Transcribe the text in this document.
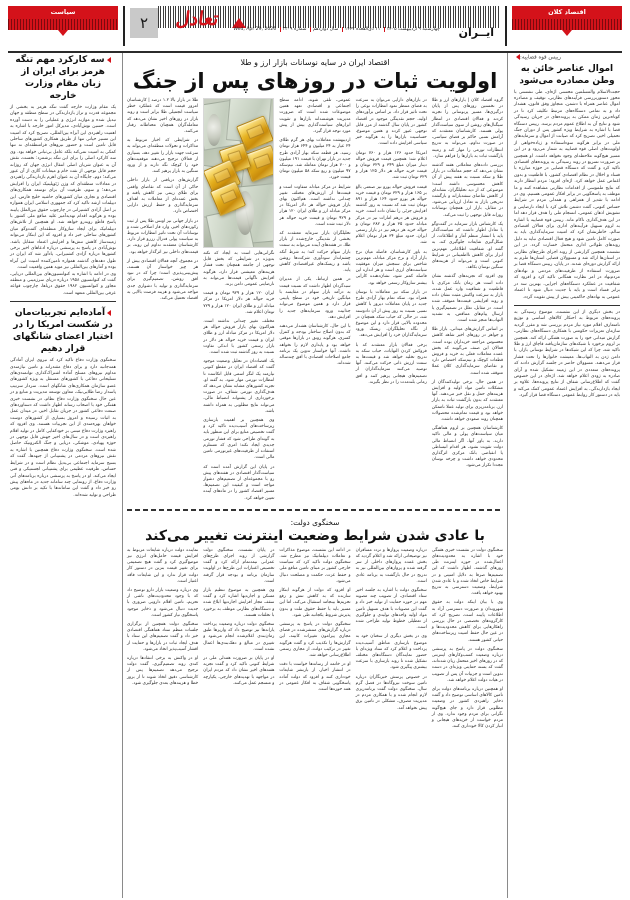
اقتصاد کلان
تعادل
ایــران
چهارشنبه ۹ اردیبهشت ۱۴۰۵ ۱۱ ذی‌القعده ۱۴۴۷ سال دوازدهم شماره ۳۲۰۹ Wed, Apr 29, 2026
۲
سیاست
رییس قوه قضاییه:
اموال عناصر خائن به وطن مصادره می‌شود
حجت‌الاسلام والمسلمین محسنی اژه‌ای، طی نشستی با محور دستور‌بررسی فرآیندهای نظارتی، توقیف و مصادره اموال عناصر همراه با دشمن، متجاوز وفق قانون، هشدار داد و به تمامی دستگاه‌های مرتبط تکلیف کرد تا در کوتاه‌ترین زمان ممکن به پرونده‌های در جریان رسیدگی شود و نتایج آن به اطلاع عموم مردم برسد. رییس دستگاه قضا با اشاره به شرایط ویژه کشور پس از دوران جنگ تحمیلی اخیر، تصریح کرد که صیانت از اموال و سرمایه‌های ملی در برابر هرگونه سوءاستفاده و زیاده‌خواهی از اولویت‌های اصلی قوه قضاییه به شمار می‌رود و در این مسیر هیچ‌گونه ملاحظه‌ای وجود نخواهد داشت. او همچنین بر ضرورت تسریع در روند رسیدگی به پرونده‌های اقتصادی تاکید کرد و گفت که دستگاه قضایی در حوزه مبارزه با فساد و اخلال در نظام اقتصادی کشور، با قاطعیت و بدون اغماض عمل خواهد کرد. اژه‌ای افزود: مردم انتظار دارند که نتایج ملموسی از اقدامات نظارتی مشاهده کنند و ما موظف به پاسخگویی در برابر افکار عمومی هستیم. وی در ادامه با تقدیر از همراهی و همدلی مردم در شرایط حساس کنونی، گفت دشمن تلاش کرد با ایجاد نارضایتی و تشویش اذهان عمومی، انسجام ملی را هدف قرار دهد اما در این هدف‌گذاری ناکام ماند. رییس قوه قضاییه با اشاره به لزوم تسهیل فرآیندهای اداری برای فعالان اقتصادی سالم، خاطرنشان کرد که امنیت سرمایه‌گذاری باید به صورت کامل تامین شود و هیچ فعال اقتصادی نباید به دلیل روندهای طولانی اداری متحمل خسارت گردد. در این نشست همچنین گزارشی از روند اجرای طرح‌های نظارتی در استان‌ها ارائه شد و مسوولان قضایی استان‌ها ملزم به ارائه گزارش دوره‌ای شدند. در پایان، رییس دستگاه قضا بر ضرورت استفاده از ظرفیت‌های مردمی و نهادهای مردم‌نهاد در امر نظارت همگانی تاکید کرد و افزود که شفافیت در عملکرد دستگاه‌های اجرایی، بهترین سد در برابر فساد است و باید با جدیت دنبال شود تا اعتماد عمومی به نهادهای حاکمیتی بیش از پیش تقویت گردد.
در بخش دیگری از این نشست، موضوع رسیدگی به پرونده‌های مربوط به احتکار کالاهای اساسی و توزیع نامتعارف اقلام مورد نیاز مردم بررسی شد و مقرر گردید سازمان تعزیرات حکومتی با همکاری دستگاه‌های نظارتی، گزارش میدانی خود را به صورت هفتگی ارائه کند. همچنین بر لزوم برخورد با شبکه‌های سازمان‌یافته قاچاق ارز و طلا تاکید شد، چرا که این شبکه‌ها در شرایط نوسانی بازار، با دامن زدن به التهاب‌ها، معیشت خانوارها را تحت فشار قرار می‌دهند. مسوولان حاضر در جلسه گزارش دادند که پرونده‌های متعددی در این زمینه تشکیل شده و آرای صادره به زودی اعلام خواهد شد. اژه‌ای در این خصوص گفت که اطلاع‌رسانی شفاف از نتایج پرونده‌ها، علاوه بر ایجاد بازدارندگی، به افزایش اعتماد عمومی کمک می‌کند و باید در دستور کار روابط عمومی دستگاه قضا قرار گیرد.
اقتصاد ایران در سایه نوسانات بازار ارز و طلا
اولویت ثبات در روزهای پس از جنگ

گروه اقتصاد کلان | بازارهای ارز و طلا در نخستین روزهای پس از پایان درگیری‌ها، مسیر پرنوسانی را تجربه کردند و فعالان اقتصادی در انتظار سیگنال‌های روشن از سوی سیاست‌گذار پولی هستند. کارشناسان معتقدند که آرامش نسبی حاکم بر فضای سیاسی، در صورت تداوم، می‌تواند به تدریج انتظارات تورمی را مهار کند و زمینه بازگشت ثبات به بازارها را فراهم سازد.

بررسی داده‌های معاملاتی هفته گذشته نشان می‌دهد که حجم معاملات در بازار طلا و سکه نسبت به هفته پیش از آن کاهش محسوسی داشته است؛ موضوعی که از دید تحلیلگران، نشانه‌ای از کاهش تقاضای سفته‌بازانه و بازگشت تدریجی بازار به تعادل ارزیابی می‌شود. در مقابل، بازار ارز همچنان نوسانات روزانه قابل توجهی را ثبت می‌کند.

یک کارشناس بازار سرمایه در گفت‌وگو با تعادل اظهار داشت که سیاست‌گذار باید با انتشار منظم آمار و اطلاعات، از شکل‌گیری شایعات جلوگیری کند. به گفته او، شفافیت اطلاعاتی مهم‌ترین ابزار برای کاهش نااطمینانی در شرایط کنونی است و می‌تواند از هزینه‌های سنگین نوسان بکاهد.

وی افزود که تجربه‌های گذشته نشان داده است هر زمان بانک مرکزی با قاطعیت و شفافیت وارد عمل شده، بازار به سرعت واکنش مثبت نشان داده و روند افزایشی قیمت‌ها متوقف شده است. در مقابل، تعلل در تصمیم‌گیری یا ارسال پیام‌های متناقض، به تشدید التهاب‌ها منجر شده است.

بر اساس گزارش‌های میدانی، بازار طلا و جواهر در روزهای اخیر شاهد کاهش محسوس مراجعه خریداران بوده است. فعالان این صنف می‌گویند که بخش عمده معاملات فعلی به خرید و فروش قطعات کوچک و نیم‌سکه اختصاص دارد و تقاضای سرمایه‌گذاری کلان عملا متوقف شده است.

در همین حال، برخی تولیدکنندگان از مشکلات تامین مواد اولیه و افزایش هزینه‌های حمل و نقل خبر می‌دهند. آنها معتقدند که بدون بازگشت ثبات به بازار ارز، برنامه‌ریزی برای تولید عملا ناممکن خواهد بود و قیمت تمام‌شده محصولات همچنان روند صعودی خواهد داشت.

کارشناسان همچنین بر لزوم هماهنگی میان سیاست‌های پولی و مالی تاکید دارند. به باور آنها، اگر انضباط مالی دولت تقویت نشود، هر اقدام انبساطی یا انقباضی بانک مرکزی اثرگذاری محدودی خواهد داشت و چرخه نوسان مجددا تکرار می‌شود.

در بازارهای دارایی می‌توان به سرعت به فضای منتظر نمود انتظارات نوعی را تحت تاثیر قرار داد. بر اساس برآوردهای اولیه، حجم نقدینگی موجود در اقتصاد کشور در پایان سال گذشته از مرز قابل توجهی عبور کرده و همین موضوع، حساسیت بازارها را به هرگونه خبر سیاسی افزایش داده است.

امریکا حدود ۱۲۶ هزار و ۷۶۰ تومان اعلام شد؛ همچنین قیمت فروش حواله دینار میزان مبلغ ۳۴۹ و ۳۲۹ تومان و قیمت خرید حواله هر دلار ۱۲۵ هزار و ۳۲۹ تومان ثبت شد.

قیمت فروش حواله یورو نیز صنعتی بالغ بر ۱۶۵ هزار و ۳۲۹ تومان و قیمت خرید حواله هر یورو حدود ۱۶۴ هزار و ۸۹۱ تومان ثبت شد که نسبت به روز گذشته افزایش جزئی را نشان داده است. خرید و فروش هر درهم امارات نیز در مرکز مبادله حدود ۳۵ هزار و ۳۸۲ تومان و حواله خرید هر درهم نیز در بازار رسمی ایران، حدود مبلغ ۳۴ هزار تومان اعلام شد.

به باور کارشناسان، فاصله میان نرخ بازار آزاد و نرخ مرکز مبادله، مهم‌ترین شاخص برای سنجش میزان موفقیت سیاست‌های ارزی است و هر اندازه این فاصله کمتر شود، نشان‌دهنده کارایی بیشتر سازوکار رسمی خواهد بود.

در بازار سکه نیز معاملات با نوسان همراه بود. سکه تمام بهار آزادی طرح جدید در پایان معاملات دیروز با کاهش نسبی نسبت به روز پیش از آن دادوستد شد، در حالی که حباب سکه همچنان در محدوده بالایی قرار دارد و این موضوع از نگاه تحلیلگران، ریسک ورود سرمایه‌گذاران خرد را افزایش می‌دهد.

برخی فعالان بازار معتقدند که با فروکش کردن التهابات، حباب سکه به تدریج تخلیه خواهد شد و قیمت‌ها به سمت ارزش ذاتی حرکت می‌کنند. آنها توصیه می‌کنند سرمایه‌گذاران از تصمیم‌های هیجانی پرهیز کنند و افق زمانی بلندمدت را در نظر بگیرند.

عمومی، تلقی شوند. ادامه سطح اجتماعی و اقتصادی تعهد همین موضوعات شده است که ضرورت مدیریت هوشمندانه بازارها و تقویت ابزارهای سیاست‌گذاری بیش از پیش مورد توجه قرار گیرد.

اردیبهشت معاملات بهای هر گرم طلای ۲۴ عیار به ۲۴ میلیون و ۶۴۴ هزار تومان رسید. هر قطعه سکه بهار آزادی طرح جدید در بازار تهران با قیمت ۱۹۱ میلیون و ۷۰۰ هزار تومان معامله شد. نیم‌سکه ۹۷ میلیون و ربع سکه ۵۸ میلیون تومان قیمت خورد.

شرایط در مرکز مبادله متفاوت است و قیمت‌ها از ارزش‌های مختلف تغییر چندانی نداشته است. هم‌اکنون بهای بازار فروش حواله هر دلار امریکا در مرکز مبادله ارز و طلای ایران ۱۲۰ هزار و ۹۲۹ تومان و قیمت خرید حواله هر دلار ثبت شده است.

تحلیلگران بازار سرمایه معتقدند که بخشی از نقدینگی خارج‌شده از بازار طلا، در هفته‌های آینده می‌تواند به سمت بازار سهام حرکت کند؛ به شرط آنکه چشم‌انداز سودآوری شرکت‌ها روشن باشد و ریسک‌های غیراقتصادی کاهش یابد.

در همین ارتباط، یکی از مدیران سبدگردان اظهار داشت که نسبت قیمت به درآمد بازار سهام در مقایسه با میانگین تاریخی خود در سطح پایینی قرار دارد و همین موضوع می‌تواند جذابیت ورود سرمایه‌های جدید را افزایش دهد.

با این حال، کارشناسان هشدار می‌دهند که بدون اصلاح ساختار بودجه و کنترل کسری، هرگونه رونق در بازارها موقتی خواهد بود و پایداری لازم را نخواهد داشت. آنها خواستار تدوین یک برنامه جامع اصلاحات اقتصادی با افق چندساله شده‌اند.

نگرانی‌هایی است به ایجاد که نکته به‌ویژه در شرایطی که بخش قابل توجهی از جامعه همچنان تحت فشار هزینه‌های معیشتی قرار دارد، هرگونه افزایش ناگهانی قیمت‌ها می‌تواند به نارضایتی عمومی دامن بزند.

ایران ۱۲۰ هزار و ۹۲۹ تومان و قیمت خرید حواله هر دلار امریکا در مرکز مبادله ارز و طلای ایران ۱۲۰ هزار و ۷۲۹ تومان اعلام شد.

مختلف تغییر چندانی نداشته است. هم‌اکنون بهای بازار فروش حواله هر دلار امریکا در مرکز مبادله ارز و طلای ایران و قیمت خرید حواله هر دلار در بازار رسمی کشور با اندکی تفاوت نسبت به روز گذشته ثبت شده است.

یک اقتصاددان در تحلیل وضعیت موجود گفت که اقتصاد ایران در مقطع کنونی نیازمند یک لنگر اسمی قابل اتکاست تا انتظارات تورمی مهار شود. به گفته او، تجربه کشورهای مشابه نشان می‌دهد که هدف‌گذاری تورمی شفاف، در صورت برخورداری از پشتوانه انضباط مالی، می‌تواند نتایج مطلوبی به همراه داشته باشد.

وی همچنین بر اهمیت بازسازی زیرساخت‌های آسیب‌دیده تاکید کرد و گفت تخصیص منابع برای این منظور باید به گونه‌ای طراحی شود که فشار تورمی جدیدی ایجاد نکند؛ امری که مستلزم استفاده از ظرفیت‌های غیرتورمی تامین مالی است.

در پایان این گزارش آمده است که سیاست‌گذار اقتصادی در هفته‌های پیش رو با مجموعه‌ای از تصمیم‌های دشوار مواجه است و کیفیت این تصمیم‌ها، مسیر اقتصاد کشور را در ماه‌های آینده تعیین خواهد کرد.

طلا در بازار بالا ۱.۲ درصد | کارشناسان امروز قیمت است که عملکرد خطر سیاست انجمیلی طلا برابر است و روند بازار در روزهای اخیر نشان می‌دهد که معامله‌گران همچنان محتاطانه رفتار می‌کنند.

در شرایطی که اخبار مربوط به مذاکرات و تحولات منطقه‌ای می‌تواند به سرعت جهت بازار را تغییر دهد، بسیاری از فعالان ترجیح می‌دهند موقعیت‌های خود را کوچک نگه دارند و از ورود سنگین به بازار پرهیز کنند.

گزارش‌های دریافتی از بازار داخلی حاکی از آن است که تقاضای واقعی برای طلای زینتی نیز کاهش یافته و بخش عمده‌ای از معاملات به اهداف سرمایه‌گذاری و حفظ ارزش دارایی اختصاص دارد.

در بازار جهانی نیز اونس طلا پس از ثبت رکوردهای اخیر، وارد فاز اصلاحی شده و نوسانات آن تحت تاثیر انتظارات مربوط به سیاست پولی فدرال رزرو قرار دارد. کارشناسان معتقدند تداوم این روند، بر قیمت‌های داخلی نیز اثرگذار خواهد بود.

در مجموع، آنچه فعالان اقتصادی بیش از هر چیز خواستار آن هستند، پیش‌بینی‌پذیری است؛ چرا که در نبود افق روشن، تصمیم‌گیری برای سرمایه‌گذاری و تولید با دشواری جدی مواجه می‌شود و هزینه فرصت بالایی به اقتصاد تحمیل می‌کند.

سخنگوی دولت:
با عادی شدن شرایط وضعیت اینترنت تغییر می‌کند

سخنگوی دولت در نشست خبری هفتگی خود با اشاره به محدودیت‌های اعمال‌شده در حوزه اینترنت طی روزهای گذشته، اظهار داشت که این تصمیم‌ها صرفا به دلایل امنیتی و در شرایط خاص اتخاذ شده و با عادی شدن شرایط، وضعیت دسترسی به تدریج بهبود خواهد یافت.

وی با بیان اینکه دولت به حقوق شهروندان و ضرورت دسترسی آزاد به اطلاعات پایبند است، تصریح کرد که کارگروه‌های تخصصی در حال بررسی راهکارهایی برای کاهش محدودیت‌ها و در عین حال حفظ امنیت زیرساخت‌های حیاتی کشور هستند.

سخنگوی دولت در پاسخ به پرسشی درباره وضعیت کسب‌وکارهای اینترنتی که در روزهای اخیر متحمل زیان شده‌اند، گفت که بسته حمایتی ویژه‌ای در دست تدوین است و جزییات آن پس از تصویب در هیات دولت اعلام خواهد شد.

او همچنین درباره برنامه‌های دولت برای تامین کالاهای اساسی توضیح داد و گفت ذخایر راهبردی کشور در وضعیت مطلوبی قرار دارد و جای هیچ‌گونه نگرانی برای مردم وجود ندارد. وی از مردم خواست از خریدهای هیجانی و انبار کردن کالا خودداری کنند.

درباره وضعیت پروازها و تردد مسافران نیز توضیحاتی ارائه شد و اعلام گردید که بخش عمده پروازهای داخلی از سر گرفته شده و پروازهای بین‌المللی نیز به تدریج در حال بازگشت به برنامه عادی است.

سخنگوی دولت با اشاره به جلسه اخیر ستاد اقتصادی، از تصویب چند مصوبه مهم در حوزه حمایت از تولید خبر داد و گفت این مصوبات با هدف تسهیل تامین مواد اولیه واحدهای تولیدی و جلوگیری از تعطیلی خطوط تولید طراحی شده است.

وی در بخش دیگری از سخنان خود به موضوع بازسازی مناطق آسیب‌دیده پرداخت و اعلام کرد که ستاد ویژه‌ای با حضور نمایندگان دستگاه‌های مختلف تشکیل شده تا روند بازسازی با سرعت بیشتری پیگیری شود.

در خصوص پرسش خبرنگاران درباره تامین سوخت نیروگاه‌ها در فصل گرم سال، سخنگوی دولت گفت برنامه‌ریزی لازم انجام شده و با همکاری مردم در مدیریت مصرف، مشکلی در تامین برق پیش نخواهد آمد.

در ادامه این نشست، موضوع مذاکرات و تعاملات دیپلماتیک نیز مطرح شد. سخنگوی دولت تاکید کرد که سیاست خارجی کشور بر مبنای تامین منافع ملی و حفظ عزت، حکمت و مصلحت دنبال می‌شود.

او افزود که دولت از هرگونه ابتکار سازنده که به کاهش تنش و رفع تحریم‌ها بینجامد استقبال می‌کند، اما این مسیر باید با حفظ حقوق ملت و بدون پذیرش شروط یکجانبه طی شود.

سخنگوی دولت در پاسخ به پرسشی درباره گزارش‌های منتشرشده در فضای مجازی پیرامون تغییرات کابینه، این گزارش‌ها را تکذیب کرد و گفت هرگونه تغییر در ترکیب دولت، از مجاری رسمی اطلاع‌رسانی خواهد شد.

او در خاتمه از رسانه‌ها خواست با دقت در انتشار اخبار، از بازنشر شایعات خودداری کنند و افزود که دولت آماده پاسخگویی شفاف به افکار عمومی در همه حوزه‌ها است.

در پایان نشست، سخنگوی دولت گزارشی از روند اجرای طرح‌های عمرانی نیمه‌تمام ارائه کرد و گفت تخصیص اعتبارات این طرح‌ها در اولویت سازمان برنامه و بودجه قرار گرفته است.

وی همچنین به موضوع تنظیم بازار مسکن و اجاره‌بها اشاره کرد و گفت سقف مجاز افزایش اجاره‌بها ابلاغ شده و دستگاه‌های نظارتی موظف به برخورد با تخلفات هستند.

سخنگوی دولت درباره وضعیت پرداخت یارانه‌ها نیز توضیح داد که واریز‌ها طبق زمان‌بندی اعلام‌شده انجام می‌شود و تغییری در مبالغ و دهک‌بندی‌ها اعمال نشده است.

او در پایان بر ضرورت همدلی ملی در شرایط کنونی تاکید کرد و گفت تجربه هفته‌های اخیر نشان داد که مردم ایران در مواجهه با تهدیدهای خارجی، یکپارچه و منسجم عمل می‌کنند.

نماینده دولت درباره شایعات مربوط به افزایش قیمت حامل‌های انرژی نیز موضع‌گیری کرد و گفت هیچ تصمیمی برای تغییر قیمت بنزین در دستور کار دولت قرار ندارد و این شایعات فاقد اعتبار است.

وی درباره وضعیت بازار دارو توضیح داد که با وجود محدودیت‌های ناشی از تحریم، تامین اقلام دارویی ضروری با جدیت دنبال می‌شود و ذخایر موجود پاسخگوی نیاز کشور است.

سخنگوی دولت همچنین از برگزاری جلسات منظم ستاد هماهنگی اقتصادی خبر داد و گفت تصمیم‌های این ستاد با هدف ایجاد ثبات در بازارها و حمایت از اقشار آسیب‌پذیر اتخاذ می‌شود.

او در واکنش به برخی انتقادها درباره کندی روند تصمیم‌گیری، گفت دولت ترجیح می‌دهد تصمیم‌ها پس از کارشناسی دقیق اتخاذ شوند تا از بروز خطا و هزینه‌های بعدی جلوگیری شود.

سه کارکرد مهم تنگه هرمز برای ایران از زبان مقام وزارت خارجه
یک مقام وزارت خارجه گفت تنگه هرمز به بخشی از مجموعه قدرت و تراز بازدارندگی در سطح منطقه و جهان تبدیل شده و موازنه انرژی و عملیاتی را به دست آورده است. حسین نوش‌آبادی، مدیرکل امور خارجه با اشاره به اهمیت راهبردی این آبراه بین‌المللی، تصریح کرد که امنیت این مسیر حیاتی تنها از طریق همکاری کشورهای ساحلی قابل تامین است و حضور نیروهای فرامنطقه‌ای نه تنها کمکی به امنیت نمی‌کند بلکه عامل بی‌ثباتی خواهد بود. وی سه کارکرد اصلی را برای این تنگه برشمرد: نخست، نقش آن به عنوان شریان اصلی انتقال انرژی جهان که روزانه حجم قابل توجهی از نفت خام و میعانات گازی از آن عبور می‌کند؛ دوم، جایگاه آن به عنوان اهرم بازدارندگی راهبردی در معادلات منطقه‌ای که وزن ژئوپلیتیک ایران را افزایش می‌دهد؛ و سوم، ظرفیت آن برای توسعه همکاری‌های اقتصادی و تجاری میان کشورهای حاشیه خلیج فارس. این دیپلمات ارشد تاکید کرد که جمهوری اسلامی ایران همواره بر اصل آزادی کشتیرانی در چارچوب حقوق بین‌الملل پایبند بوده و هرگونه اقدام تهدیدآمیز علیه منافع ملی کشور با پاسخ قاطع روبه‌رو خواهد شد. او همچنین از تلاش‌های دیپلماتیک برای ایجاد سازوکار منطقه‌ای گفت‌وگو میان کشورهای ساحلی خبر داد و افزود که این ابتکار می‌تواند زمینه‌ساز کاهش تنش‌ها و افزایش اعتماد متقابل باشد. نوش‌آبادی در پاسخ به پرسشی درباره ادعاهای اخیر برخی کشورها درباره آزادی کشتیرانی، یادآور شد که ایران در طول دهه‌های گذشته همواره تامین‌کننده امنیت این آبراه بوده و آمارهای بین‌المللی نیز موید همین واقعیت است.
وی در ادامه با اشاره به کنوانسیون‌های بین‌المللی دریایی، گفت که کنوانسیون ۱۹۵۸ درباره دریای سرزمینی و منطقه مجاور و کنوانسیون ۱۹۸۲ حقوق دریاها، چارچوب قواعد عرفی بین‌المللی متعهد است.
آماده‌ایم تجربیات‌مان در شکست امریکا را در اختیار اعضای شانگهای قرار دهیم
سخنگوی وزارت دفاع تاکید کرد که نیروی ایران آمادگی همه‌جانبه دارد و برای دفاع مقتدرانه و تامین نیازمندی مداوم نیروهای مسلح آماده اشتراک‌گذاری توانمندی‌های تسلیحاتی دفاعی با کشورهای مستقل به ویژه کشورهای عضو سازمان همکاری‌های شانگهای است. سردار سرتیپ پاسدار رضا طلایی‌نیک، معاون توسعه مدیریت و منابع و در عین حال سخنگوی وزارت دفاع نظام، در نشست خبری هفتگی خود با اصحاب رسانه اظهار داشت که دستاوردهای صنعت دفاعی کشور در جریان تقابل اخیر، در میدان عمل به اثبات رسیده و امروز بسیاری از کشورهای دوست خواهان بهره‌مندی از این تجربیات هستند. وی افزود که راهبرد وزارت دفاع مبتنی بر خودکفایی کامل در تولید اقلام راهبردی است و در سال‌های اخیر جهش قابل توجهی در حوزه پهپادی، موشکی، دریایی و جنگ الکترونیک حاصل شده است. سخنگوی وزارت دفاع همچنین با اشاره به نقش نیروهای مردمی در پشتیبانی از جبهه‌ها، گفت که بسیج سرمایه اجتماعی بی‌بدیل نظام است و در شرایط حساس، ظرفیت عظیمی برای پشتیبانی لجستیکی و فنی ایجاد می‌کند. او در پاسخ به پرسشی درباره برنامه‌های آتی وزارت دفاع، از رونمایی چند سامانه جدید در ماه‌های پیش رو خبر داد و گفت این سامانه‌ها با تکیه بر دانش بومی طراحی و تولید شده‌اند.
